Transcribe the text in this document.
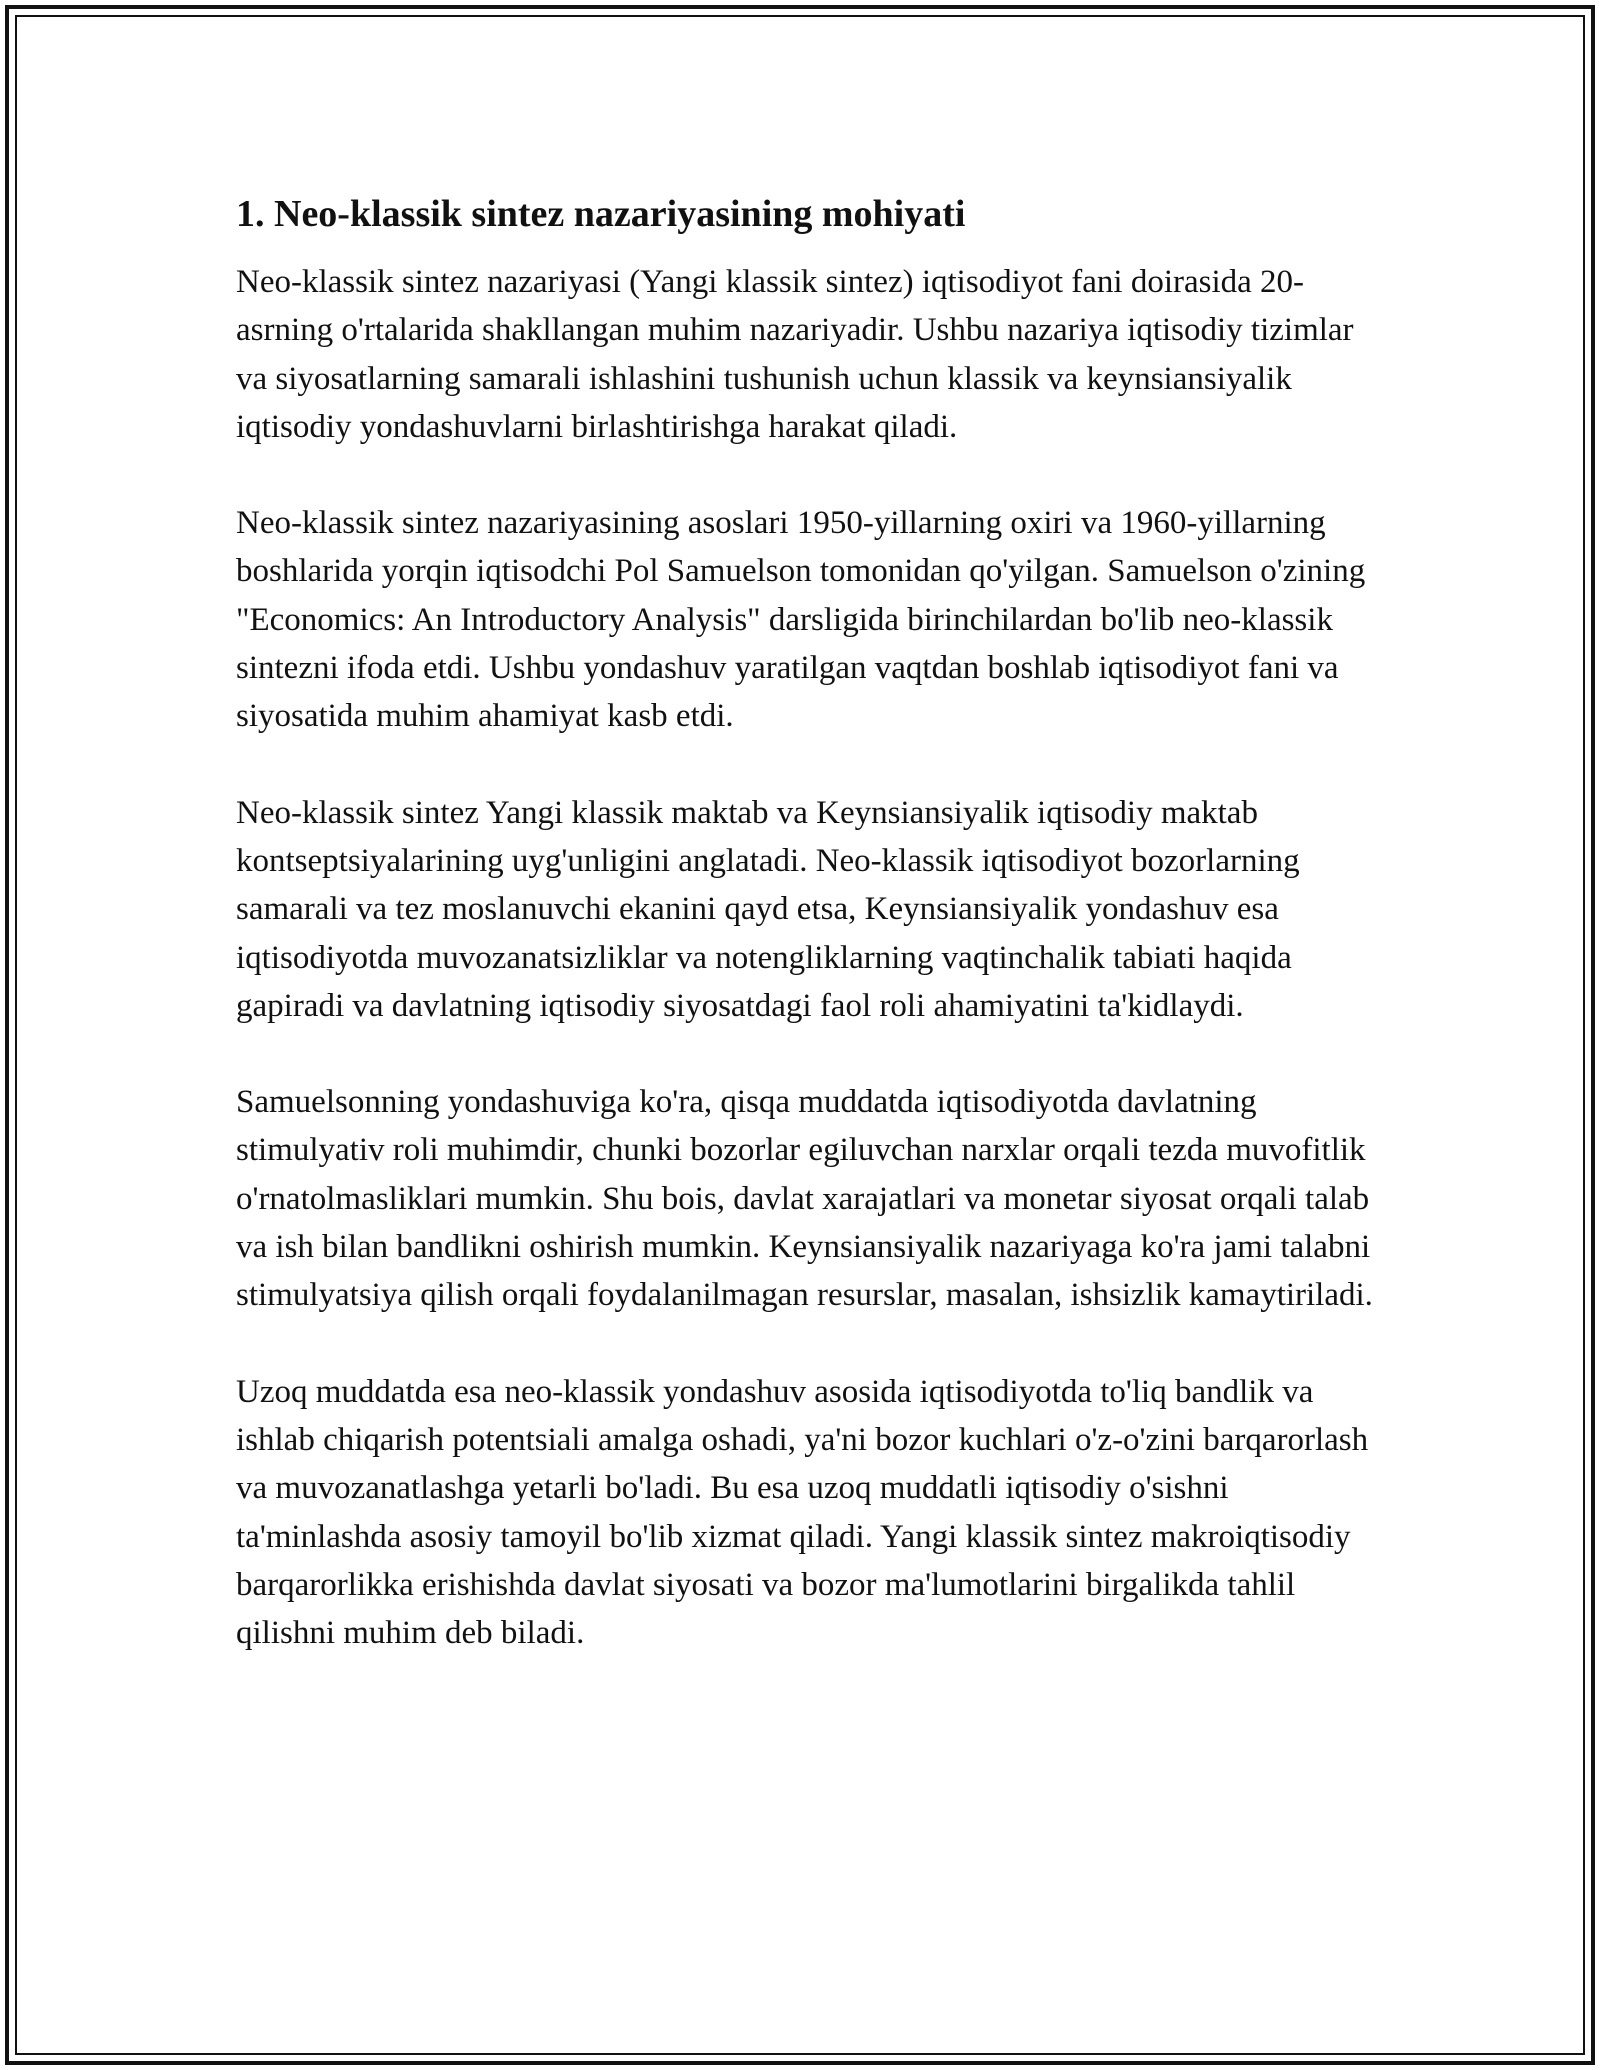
1. Neo-klassik sintez nazariyasining mohiyati

Neo-klassik sintez nazariyasi (Yangi klassik sintez) iqtisodiyot fani doirasida 20-asrning o'rtalarida shakllangan muhim nazariyadir. Ushbu nazariya iqtisodiy tizimlar va siyosatlarning samarali ishlashini tushunish uchun klassik va keynsiansiyalik iqtisodiy yondashuvlarni birlashtirishga harakat qiladi.

Neo-klassik sintez nazariyasining asoslari 1950-yillarning oxiri va 1960-yillarning boshlarida yorqin iqtisodchi Pol Samuelson tomonidan qo'yilgan. Samuelson o'zining "Economics: An Introductory Analysis" darsligida birinchilardan bo'lib neo-klassik sintezni ifoda etdi. Ushbu yondashuv yaratilgan vaqtdan boshlab iqtisodiyot fani va siyosatida muhim ahamiyat kasb etdi.

Neo-klassik sintez Yangi klassik maktab va Keynsiansiyalik iqtisodiy maktab kontseptsiyalarining uyg'unligini anglatadi. Neo-klassik iqtisodiyot bozorlarning samarali va tez moslanuvchi ekanini qayd etsa, Keynsiansiyalik yondashuv esa iqtisodiyotda muvozanatsizliklar va notengliklarning vaqtinchalik tabiati haqida gapiradi va davlatning iqtisodiy siyosatdagi faol roli ahamiyatini ta'kidlaydi.

Samuelsonning yondashuviga ko'ra, qisqa muddatda iqtisodiyotda davlatning stimulyativ roli muhimdir, chunki bozorlar egiluvchan narxlar orqali tezda muvofitlik o'rnatolmasliklari mumkin. Shu bois, davlat xarajatlari va monetar siyosat orqali talab va ish bilan bandlikni oshirish mumkin. Keynsiansiyalik nazariyaga ko'ra jami talabni stimulyatsiya qilish orqali foydalanilmagan resurslar, masalan, ishsizlik kamaytiriladi.

Uzoq muddatda esa neo-klassik yondashuv asosida iqtisodiyotda to'liq bandlik va ishlab chiqarish potentsiali amalga oshadi, ya'ni bozor kuchlari o'z-o'zini barqarorlash va muvozanatlashga yetarli bo'ladi. Bu esa uzoq muddatli iqtisodiy o'sishni ta'minlashda asosiy tamoyil bo'lib xizmat qiladi. Yangi klassik sintez makroiqtisodiy barqarorlikka erishishda davlat siyosati va bozor ma'lumotlarini birgalikda tahlil qilishni muhim deb biladi.
